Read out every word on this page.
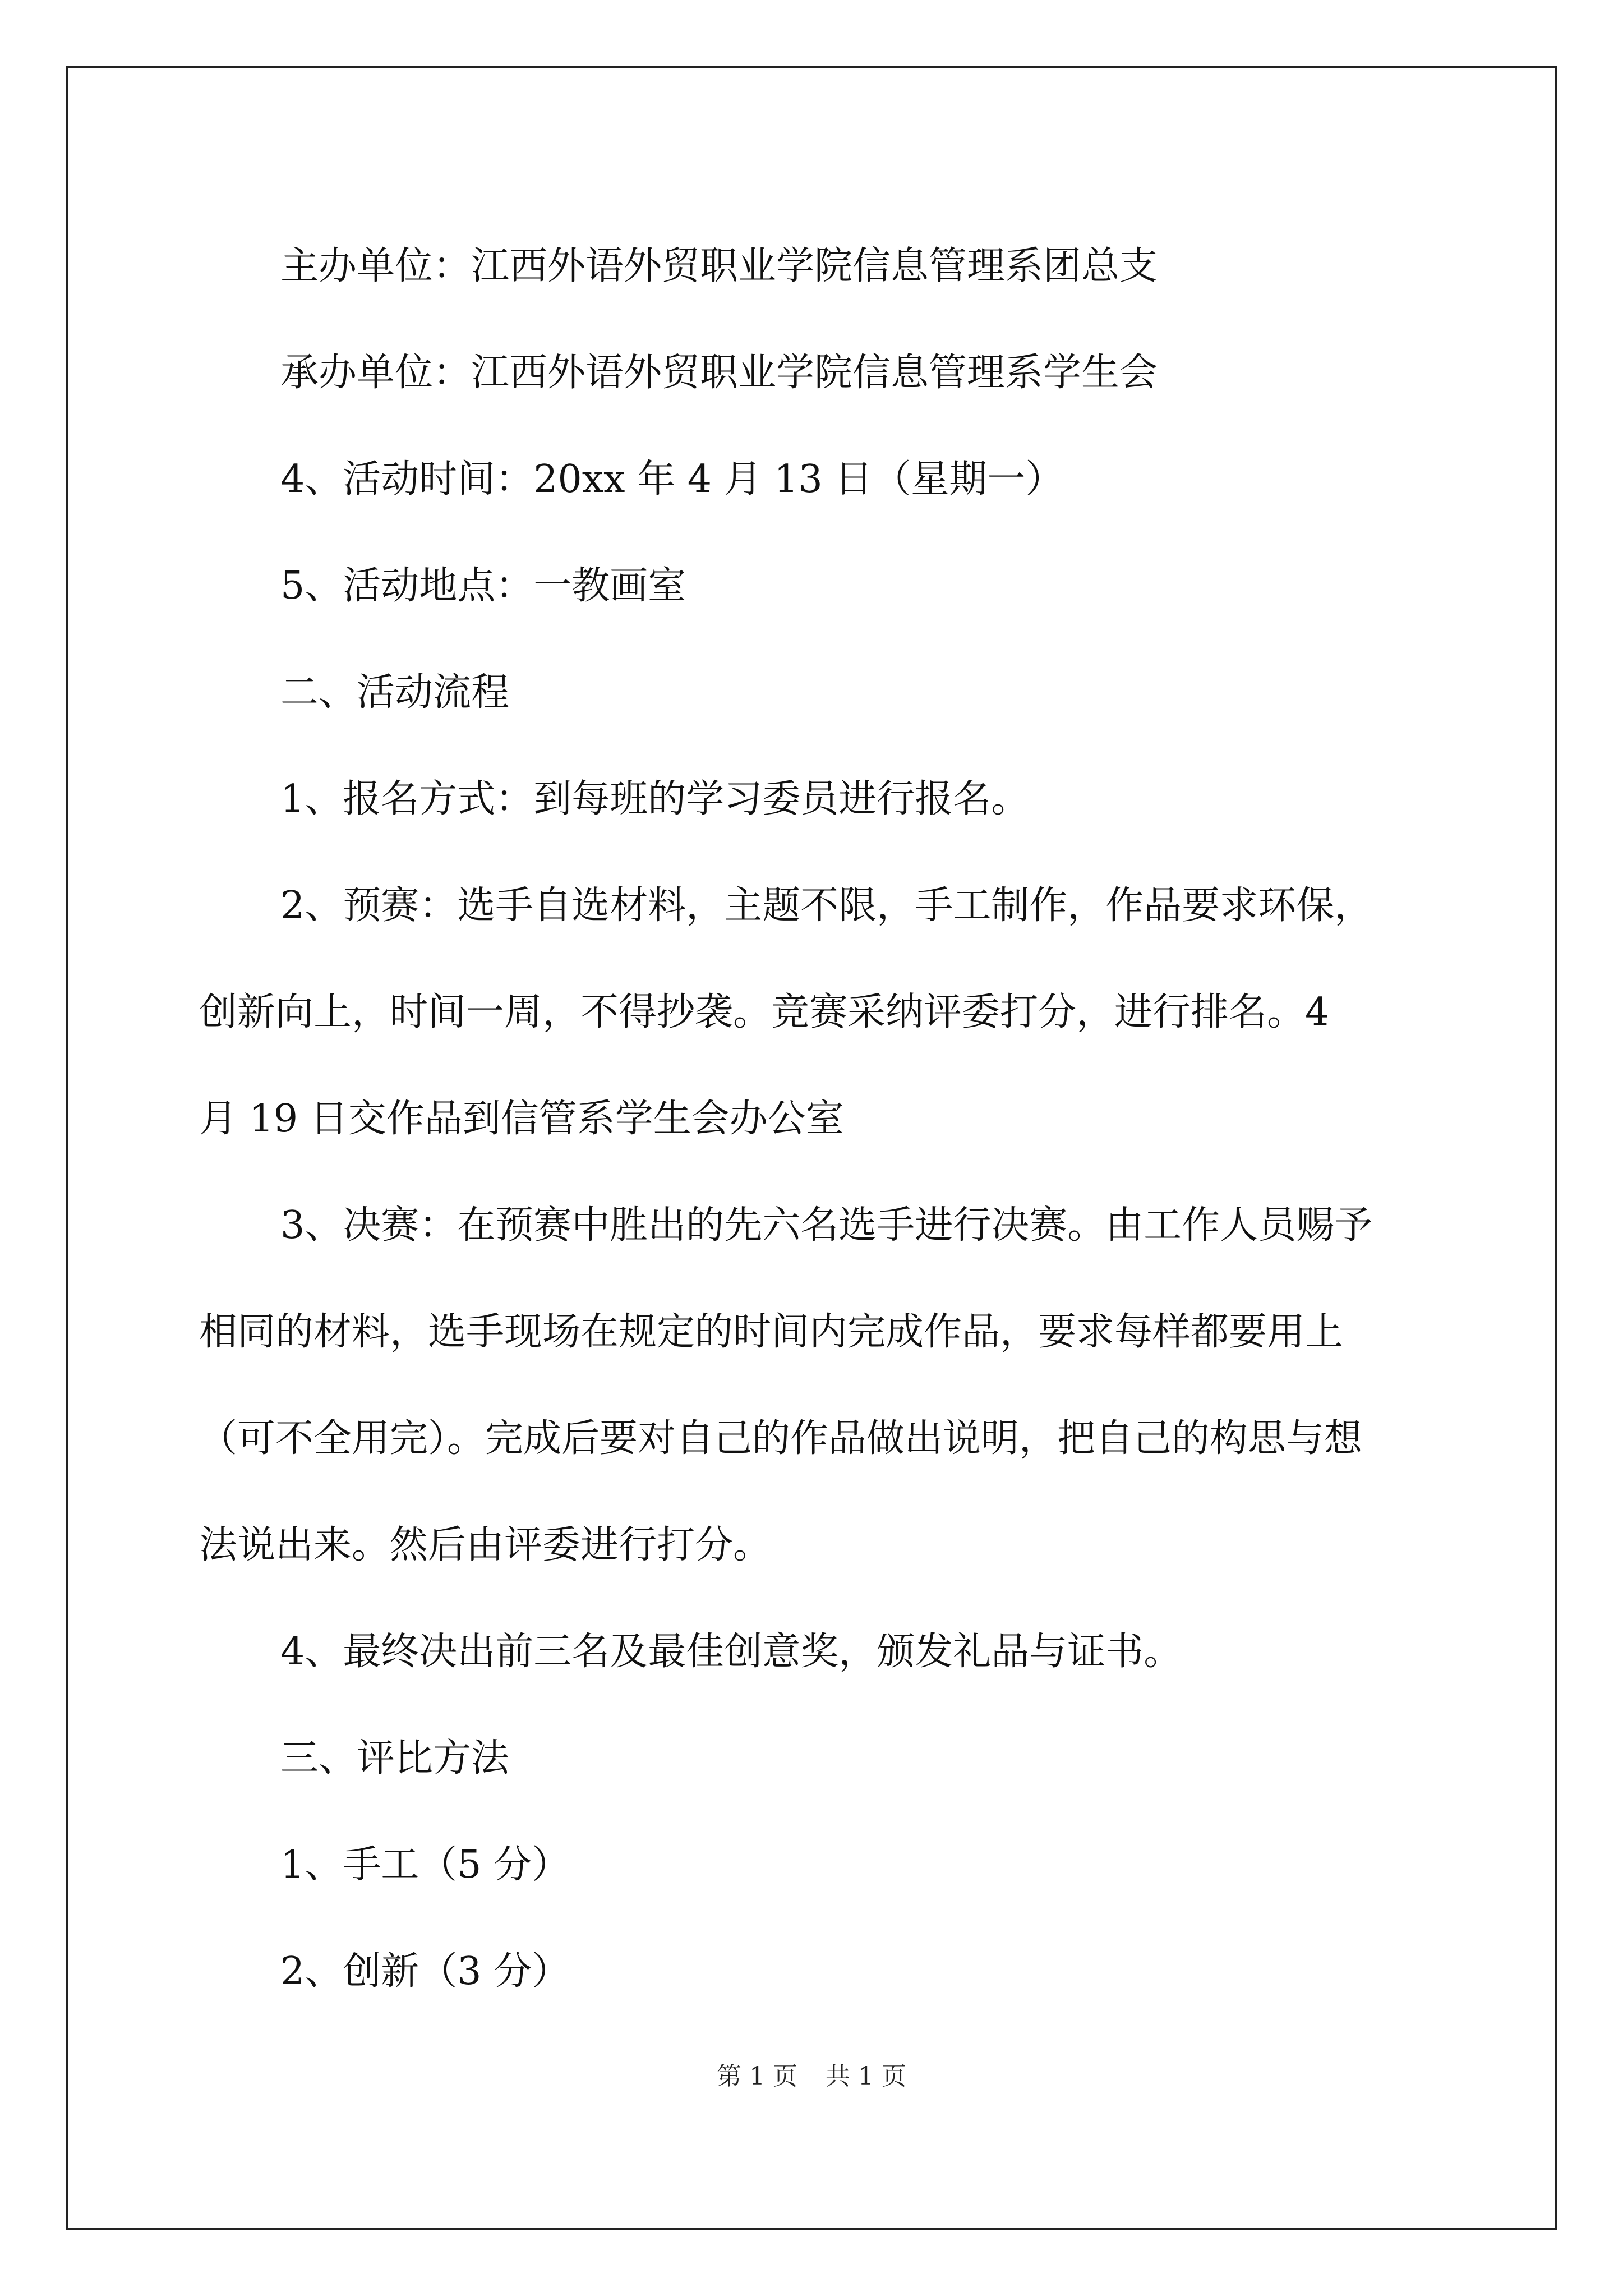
主办单位：江西外语外贸职业学院信息管理系团总支

承办单位：江西外语外贸职业学院信息管理系学生会

4、活动时间：20xx 年 4 月 13 日（星期一）

5、活动地点：一教画室

二、活动流程

1、报名方式：到每班的学习委员进行报名。

2、预赛：选手自选材料，主题不限，手工制作，作品要求环保，
创新向上，时间一周，不得抄袭。竞赛采纳评委打分，进行排名。4
月 19 日交作品到信管系学生会办公室

3、决赛：在预赛中胜出的先六名选手进行决赛。由工作人员赐予
相同的材料，选手现场在规定的时间内完成作品，要求每样都要用上
（可不全用完）。完成后要对自己的作品做出说明，把自己的构思与想
法说出来。然后由评委进行打分。

4、最终决出前三名及最佳创意奖，颁发礼品与证书。

三、评比方法

1、手工（5 分）

2、创新（3 分）

第 1 页 共 1 页
